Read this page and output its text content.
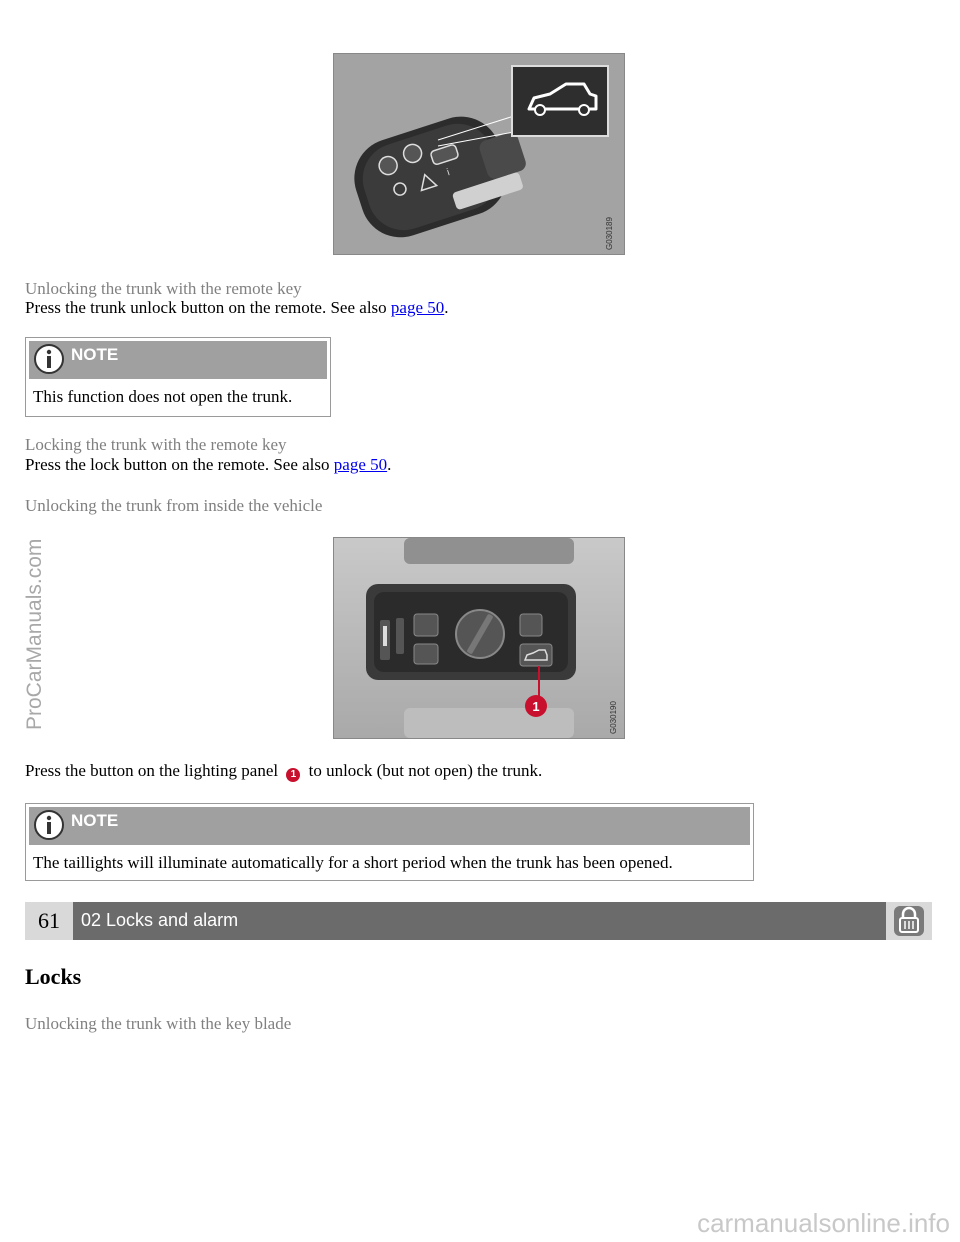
i
G030189
Unlocking the trunk with the remote key
Press the trunk unlock button on the remote. See also page 50.
NOTE
This function does not open the trunk.
Locking the trunk with the remote key
Press the lock button on the remote. See also page 50.
Unlocking the trunk from inside the vehicle
1	G030190
Press the button on the lighting panel 1 to unlock (but not open) the trunk.
NOTE
The taillights will illuminate automatically for a short period when the trunk has been opened.
61	02 Locks and alarm
Locks
Unlocking the trunk with the key blade
ProCarManuals.com
carmanualsonline.info
